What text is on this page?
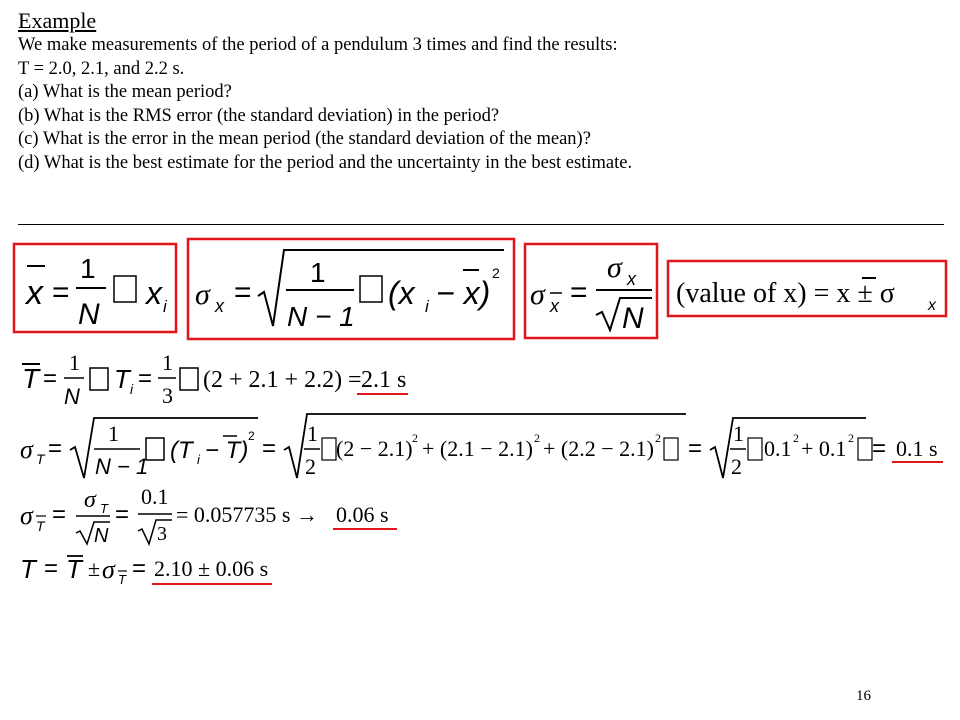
Example
We make measurements of the period of a pendulum 3 times and find the results:
T = 2.0, 2.1, and 2.2 s.
(a) What is the mean period?
(b) What is the RMS error (the standard deviation) in the period?
(c) What is the error in the mean period (the standard deviation of the mean)?
(d) What is the best estimate for the period and the uncertainty in the best estimate.
x =
1
N
x i σ x =
1
N − 1
(x i − x)
2
σ x =
σ x
N
(value of x) = x ± σ x
T =
1
N
T i =
1
3
(2 + 2.1 + 2.2) = 2.1 s
σ T =
1
N − 1
(T i − T)
2 =
1
2
(2 − 2.1) 2 + (2.1 − 2.1) 2 + (2.2 − 2.1) 2 =
1
2
0.1 2 + 0.1 2 = 0.1 s
σ T =
σ T
N
=
0.1
3
= 0.057735 s → 0.06 s
T = T ± σ T = 2.10 ± 0.06 s
16
